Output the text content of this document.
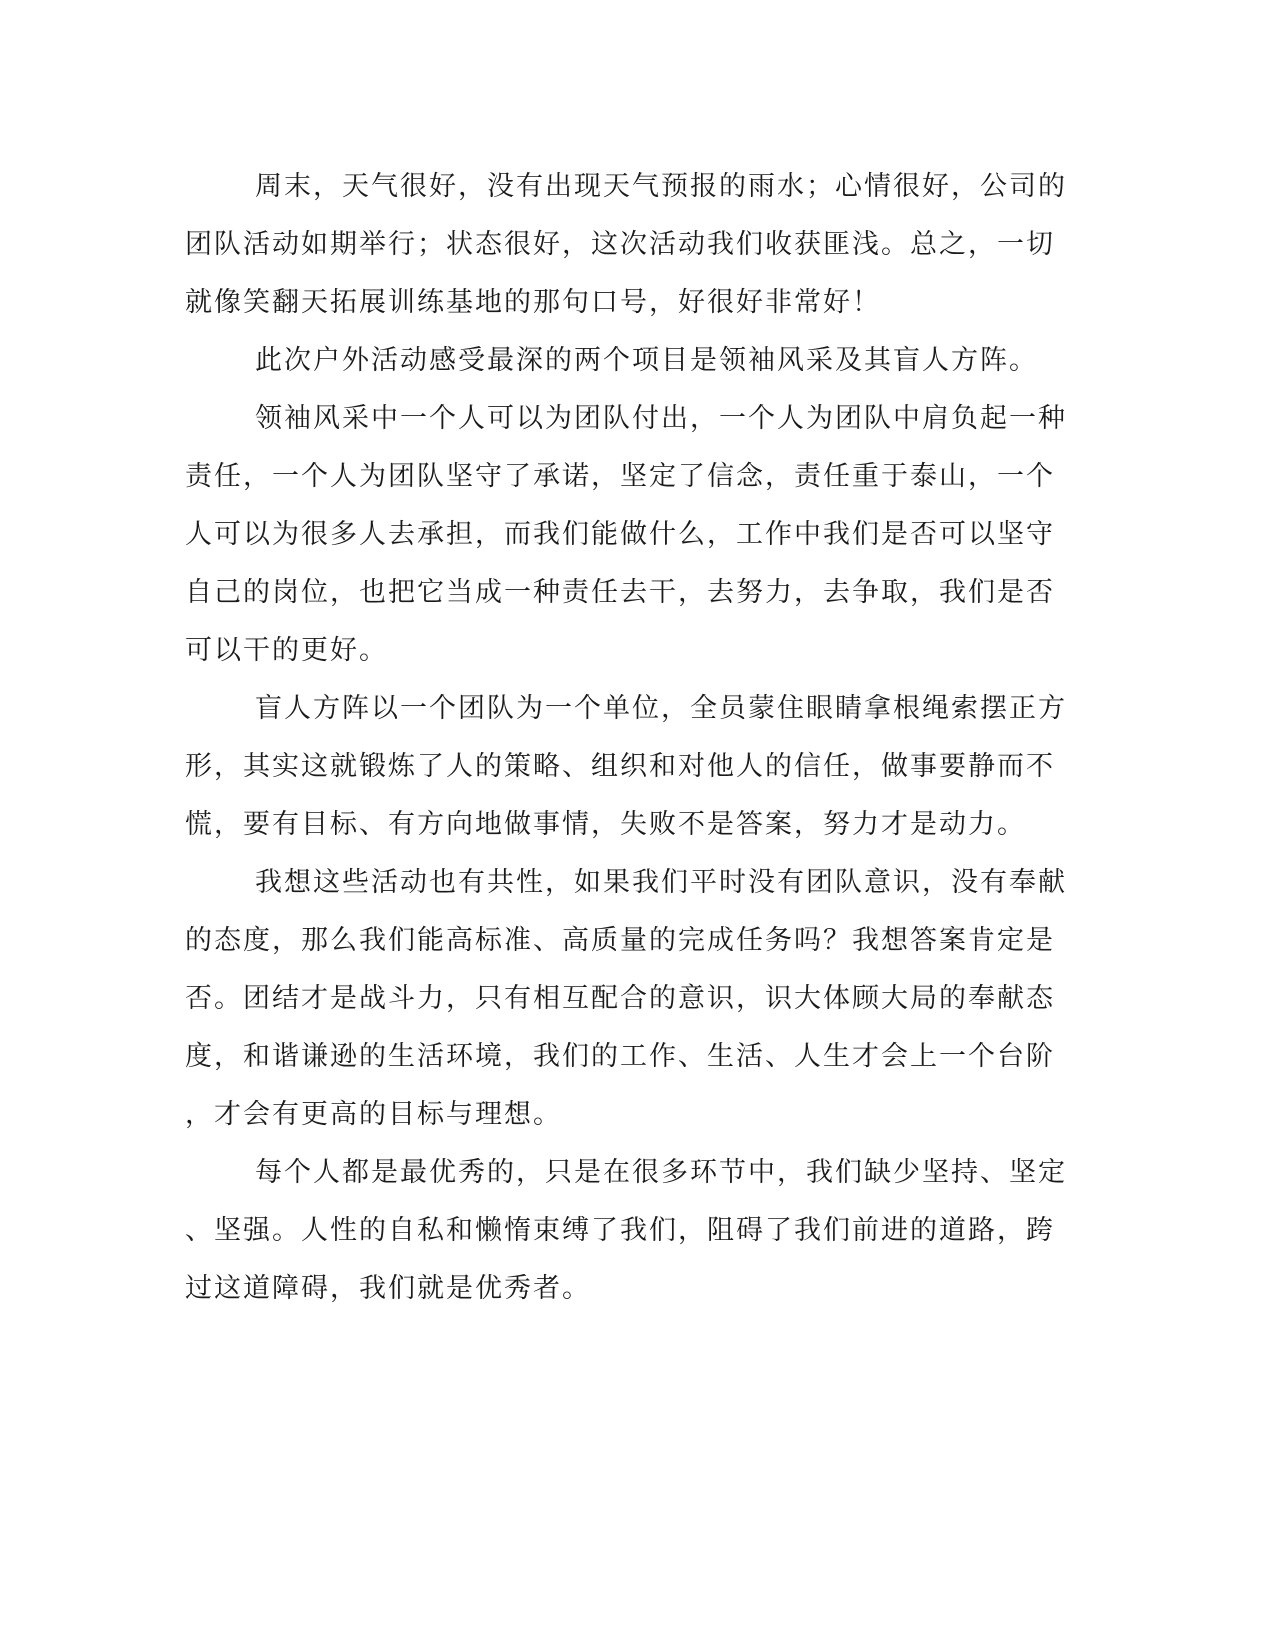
周末，天气很好，没有出现天气预报的雨水；心情很好，公司的
团队活动如期举行；状态很好，这次活动我们收获匪浅。总之，一切
就像笑翻天拓展训练基地的那句口号，好很好非常好！
此次户外活动感受最深的两个项目是领袖风采及其盲人方阵。
领袖风采中一个人可以为团队付出，一个人为团队中肩负起一种
责任，一个人为团队坚守了承诺，坚定了信念，责任重于泰山，一个
人可以为很多人去承担，而我们能做什么，工作中我们是否可以坚守
自己的岗位，也把它当成一种责任去干，去努力，去争取，我们是否
可以干的更好。
盲人方阵以一个团队为一个单位，全员蒙住眼睛拿根绳索摆正方
形，其实这就锻炼了人的策略、组织和对他人的信任，做事要静而不
慌，要有目标、有方向地做事情，失败不是答案，努力才是动力。
我想这些活动也有共性，如果我们平时没有团队意识，没有奉献
的态度，那么我们能高标准、高质量的完成任务吗？我想答案肯定是
否。团结才是战斗力，只有相互配合的意识，识大体顾大局的奉献态
度，和谐谦逊的生活环境，我们的工作、生活、人生才会上一个台阶
，才会有更高的目标与理想。
每个人都是最优秀的，只是在很多环节中，我们缺少坚持、坚定
、坚强。人性的自私和懒惰束缚了我们，阻碍了我们前进的道路，跨
过这道障碍，我们就是优秀者。
